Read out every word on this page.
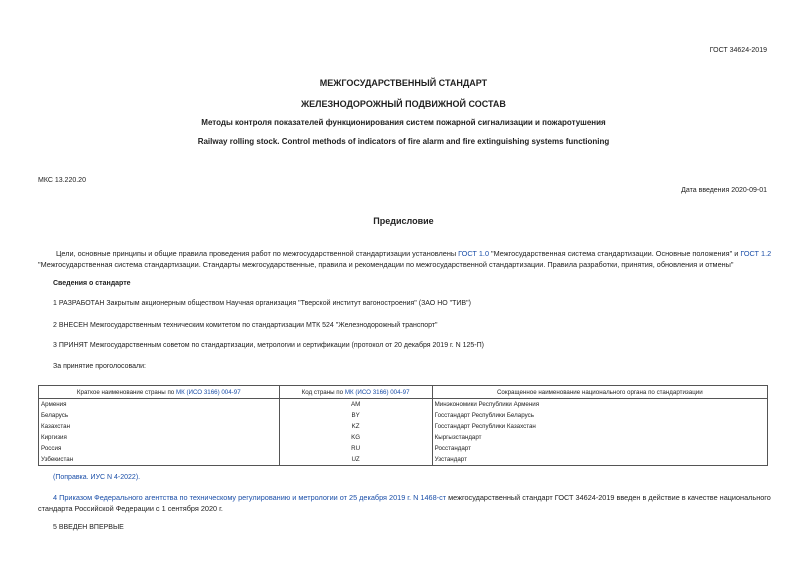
ГОСТ 34624-2019
МЕЖГОСУДАРСТВЕННЫЙ СТАНДАРТ
ЖЕЛЕЗНОДОРОЖНЫЙ ПОДВИЖНОЙ СОСТАВ
Методы контроля показателей функционирования систем пожарной сигнализации и пожаротушения
Railway rolling stock. Control methods of indicators of fire alarm and fire extinguishing systems functioning
МКС 13.220.20
Дата введения 2020-09-01
Предисловие
Цели, основные принципы и общие правила проведения работ по межгосударственной стандартизации установлены ГОСТ 1.0 "Межгосударственная система стандартизации. Основные положения" и ГОСТ 1.2 "Межгосударственная система стандартизации. Стандарты межгосударственные, правила и рекомендации по межгосударственной стандартизации. Правила разработки, принятия, обновления и отмены"
Сведения о стандарте
1 РАЗРАБОТАН Закрытым акционерным обществом Научная организация "Тверской институт вагоностроения" (ЗАО НО "ТИВ")
2 ВНЕСЕН Межгосударственным техническим комитетом по стандартизации МТК 524 "Железнодорожный транспорт"
3 ПРИНЯТ Межгосударственным советом по стандартизации, метрологии и сертификации (протокол от 20 декабря 2019 г. N 125-П)
За принятие проголосовали:
Краткое наименование страны по МК (ИСО 3166) 004-97	Код страны по МК (ИСО 3166) 004-97	Сокращенное наименование национального органа по стандартизации
Армения	AM	Минэкономики Республики Армения
Беларусь	BY	Госстандарт Республики Беларусь
Казахстан	KZ	Госстандарт Республики Казахстан
Киргизия	KG	Кыргызстандарт
Россия	RU	Росстандарт
Узбекистан	UZ	Узстандарт
(Поправка. ИУС N 4-2022).
4 Приказом Федерального агентства по техническому регулированию и метрологии от 25 декабря 2019 г. N 1468-ст межгосударственный стандарт ГОСТ 34624-2019 введен в действие в качестве национального стандарта Российской Федерации с 1 сентября 2020 г.
5 ВВЕДЕН ВПЕРВЫЕ
